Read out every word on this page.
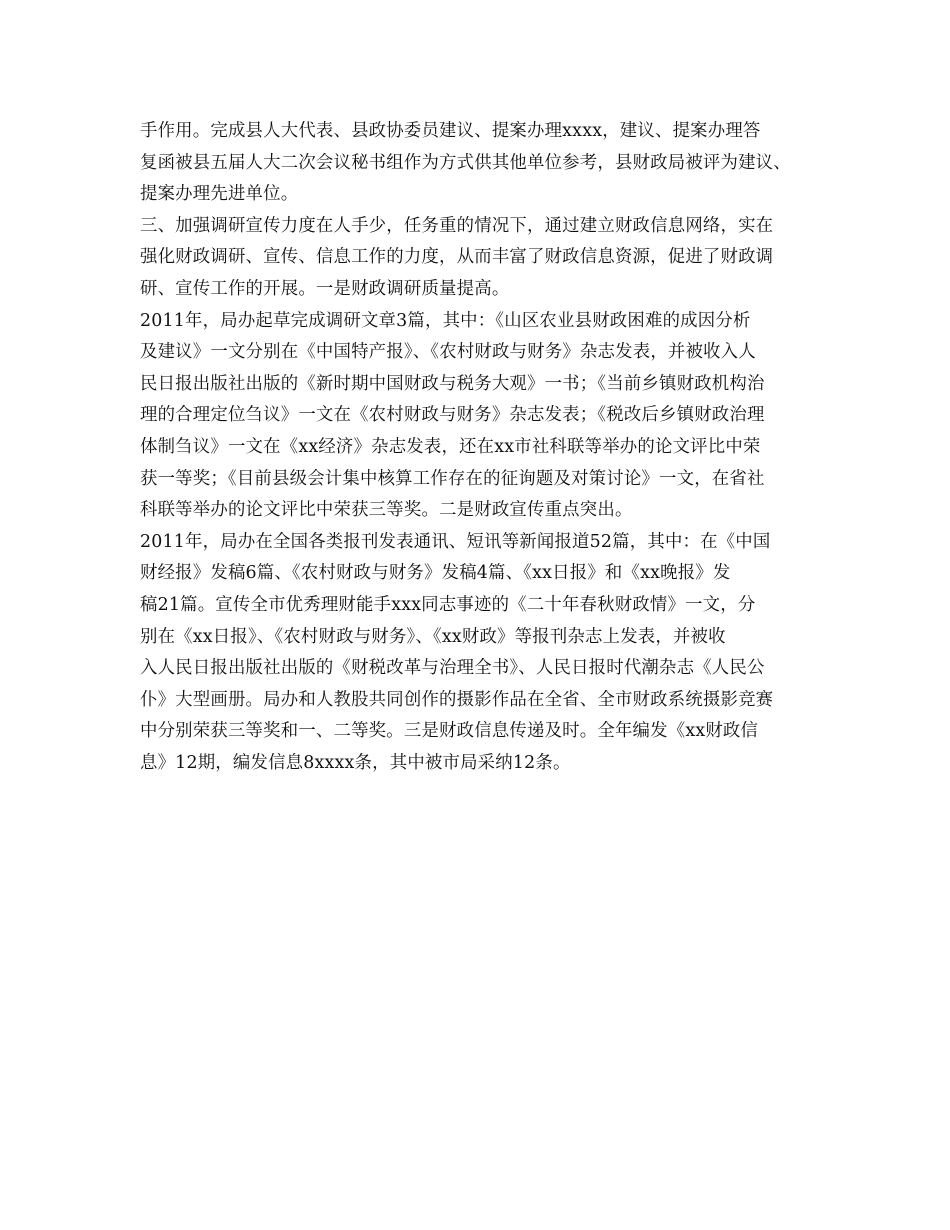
手作用。完成县人大代表、县政协委员建议、提案办理xxxx，建议、提案办理答
复函被县五届人大二次会议秘书组作为方式供其他单位参考，县财政局被评为建议、
提案办理先进单位。
三、加强调研宣传力度在人手少，任务重的情况下，通过建立财政信息网络，实在
强化财政调研、宣传、信息工作的力度，从而丰富了财政信息资源，促进了财政调
研、宣传工作的开展。一是财政调研质量提高。
2011年，局办起草完成调研文章3篇，其中：《山区农业县财政困难的成因分析
及建议》一文分别在《中国特产报》、《农村财政与财务》杂志发表，并被收入人
民日报出版社出版的《新时期中国财政与税务大观》一书；《当前乡镇财政机构治
理的合理定位刍议》一文在《农村财政与财务》杂志发表；《税改后乡镇财政治理
体制刍议》一文在《xx经济》杂志发表，还在xx市社科联等举办的论文评比中荣
获一等奖；《目前县级会计集中核算工作存在的征询题及对策讨论》一文，在省社
科联等举办的论文评比中荣获三等奖。二是财政宣传重点突出。
2011年，局办在全国各类报刊发表通讯、短讯等新闻报道52篇，其中：在《中国
财经报》发稿6篇、《农村财政与财务》发稿4篇、《xx日报》和《xx晚报》发
稿21篇。宣传全市优秀理财能手xxx同志事迹的《二十年春秋财政情》一文，分
别在《xx日报》、《农村财政与财务》、《xx财政》等报刊杂志上发表，并被收
入人民日报出版社出版的《财税改革与治理全书》、人民日报时代潮杂志《人民公
仆》大型画册。局办和人教股共同创作的摄影作品在全省、全市财政系统摄影竞赛
中分别荣获三等奖和一、二等奖。三是财政信息传递及时。全年编发《xx财政信
息》12期，编发信息8xxxx条，其中被市局采纳12条。
